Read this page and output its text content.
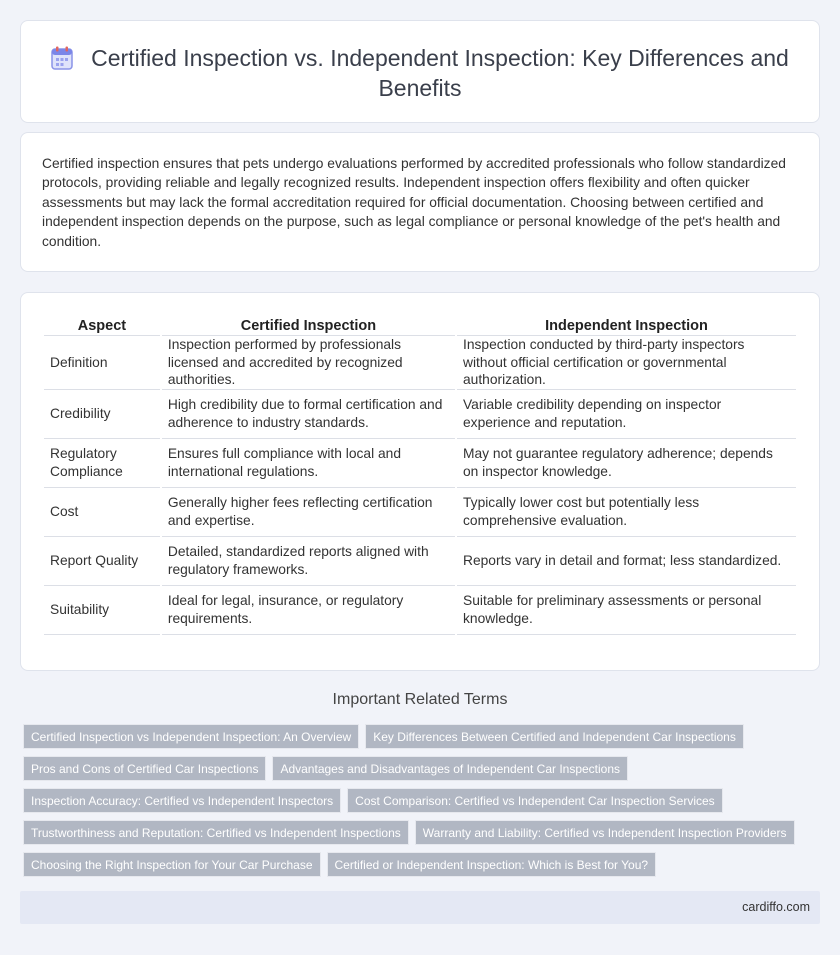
Certified Inspection vs. Independent Inspection: Key Differences and Benefits

Certified inspection ensures that pets undergo evaluations performed by accredited professionals who follow standardized protocols, providing reliable and legally recognized results. Independent inspection offers flexibility and often quicker assessments but may lack the formal accreditation required for official documentation. Choosing between certified and independent inspection depends on the purpose, such as legal compliance or personal knowledge of the pet's health and condition.

Aspect	Certified Inspection	Independent Inspection
Definition	Inspection performed by professionals licensed and accredited by recognized authorities.	Inspection conducted by third-party inspectors without official certification or governmental authorization.
Credibility	High credibility due to formal certification and adherence to industry standards.	Variable credibility depending on inspector experience and reputation.
Regulatory Compliance	Ensures full compliance with local and international regulations.	May not guarantee regulatory adherence; depends on inspector knowledge.
Cost	Generally higher fees reflecting certification and expertise.	Typically lower cost but potentially less comprehensive evaluation.
Report Quality	Detailed, standardized reports aligned with regulatory frameworks.	Reports vary in detail and format; less standardized.
Suitability	Ideal for legal, insurance, or regulatory requirements.	Suitable for preliminary assessments or personal knowledge.
Important Related Terms
Certified Inspection vs Independent Inspection: An Overview Key Differences Between Certified and Independent Car Inspections
Pros and Cons of Certified Car Inspections Advantages and Disadvantages of Independent Car Inspections
Inspection Accuracy: Certified vs Independent Inspectors Cost Comparison: Certified vs Independent Car Inspection Services
Trustworthiness and Reputation: Certified vs Independent Inspections Warranty and Liability: Certified vs Independent Inspection Providers
Choosing the Right Inspection for Your Car Purchase Certified or Independent Inspection: Which is Best for You?
cardiffo.com
